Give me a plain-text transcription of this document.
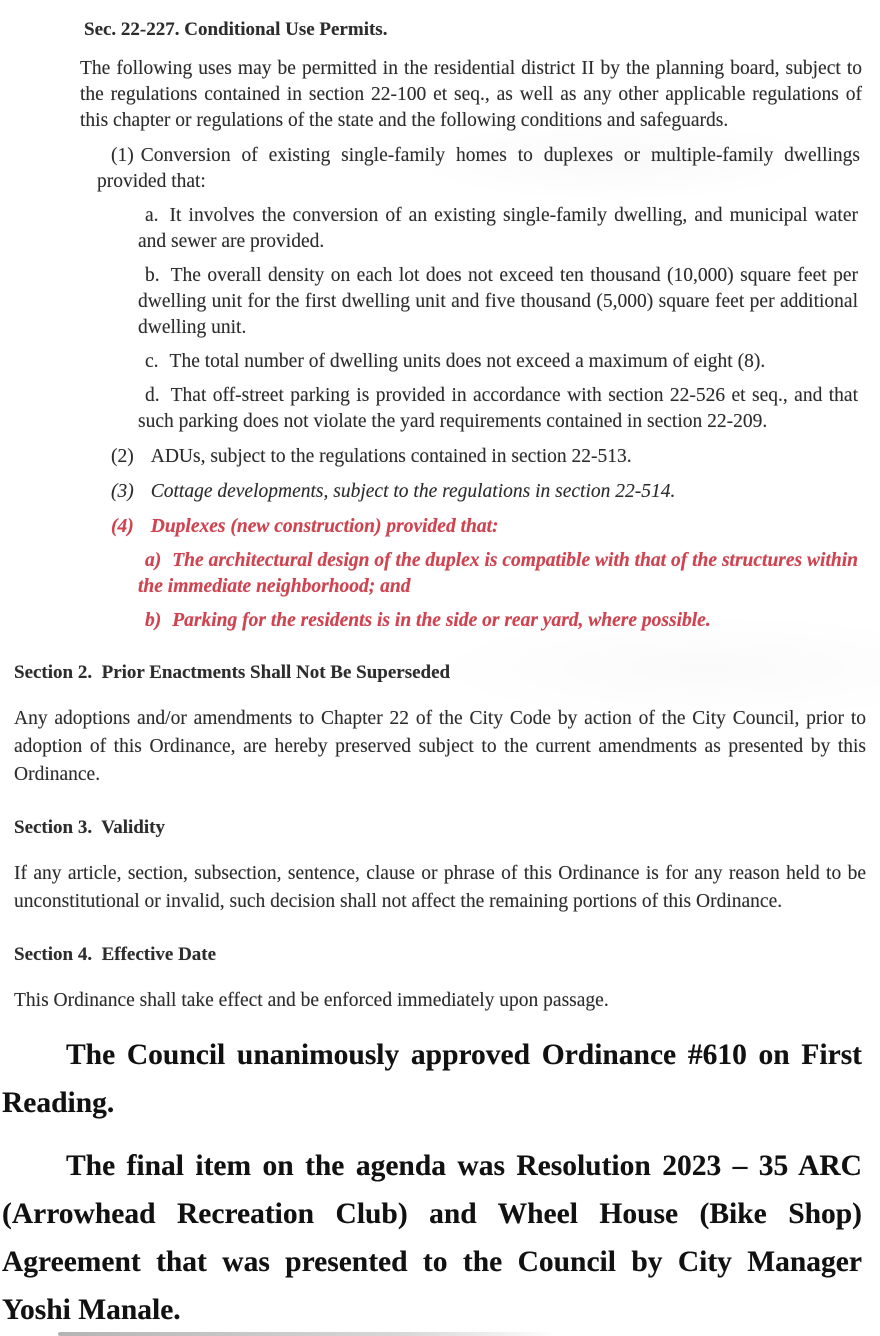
Sec. 22-227. Conditional Use Permits.

The following uses may be permitted in the residential district II by the planning board, subject to the regulations contained in section 22-100 et seq., as well as any other applicable regulations of this chapter or regulations of the state and the following conditions and safeguards.

(1) Conversion of existing single-family homes to duplexes or multiple-family dwellings provided that:

a. It involves the conversion of an existing single-family dwelling, and municipal water and sewer are provided.

b. The overall density on each lot does not exceed ten thousand (10,000) square feet per dwelling unit for the first dwelling unit and five thousand (5,000) square feet per additional dwelling unit.

c. The total number of dwelling units does not exceed a maximum of eight (8).

d. That off-street parking is provided in accordance with section 22-526 et seq., and that such parking does not violate the yard requirements contained in section 22-209.

(2) ADUs, subject to the regulations contained in section 22-513.

(3) Cottage developments, subject to the regulations in section 22-514.

(4) Duplexes (new construction) provided that:

a) The architectural design of the duplex is compatible with that of the structures within the immediate neighborhood; and

b) Parking for the residents is in the side or rear yard, where possible.

Section 2.  Prior Enactments Shall Not Be Superseded

Any adoptions and/or amendments to Chapter 22 of the City Code by action of the City Council, prior to adoption of this Ordinance, are hereby preserved subject to the current amendments as presented by this Ordinance.

Section 3.  Validity

If any article, section, subsection, sentence, clause or phrase of this Ordinance is for any reason held to be unconstitutional or invalid, such decision shall not affect the remaining portions of this Ordinance.

Section 4.  Effective Date

This Ordinance shall take effect and be enforced immediately upon passage.

The Council unanimously approved Ordinance #610 on First Reading.

The final item on the agenda was Resolution 2023 – 35 ARC (Arrowhead Recreation Club) and Wheel House (Bike Shop) Agreement that was presented to the Council by City Manager Yoshi Manale.
